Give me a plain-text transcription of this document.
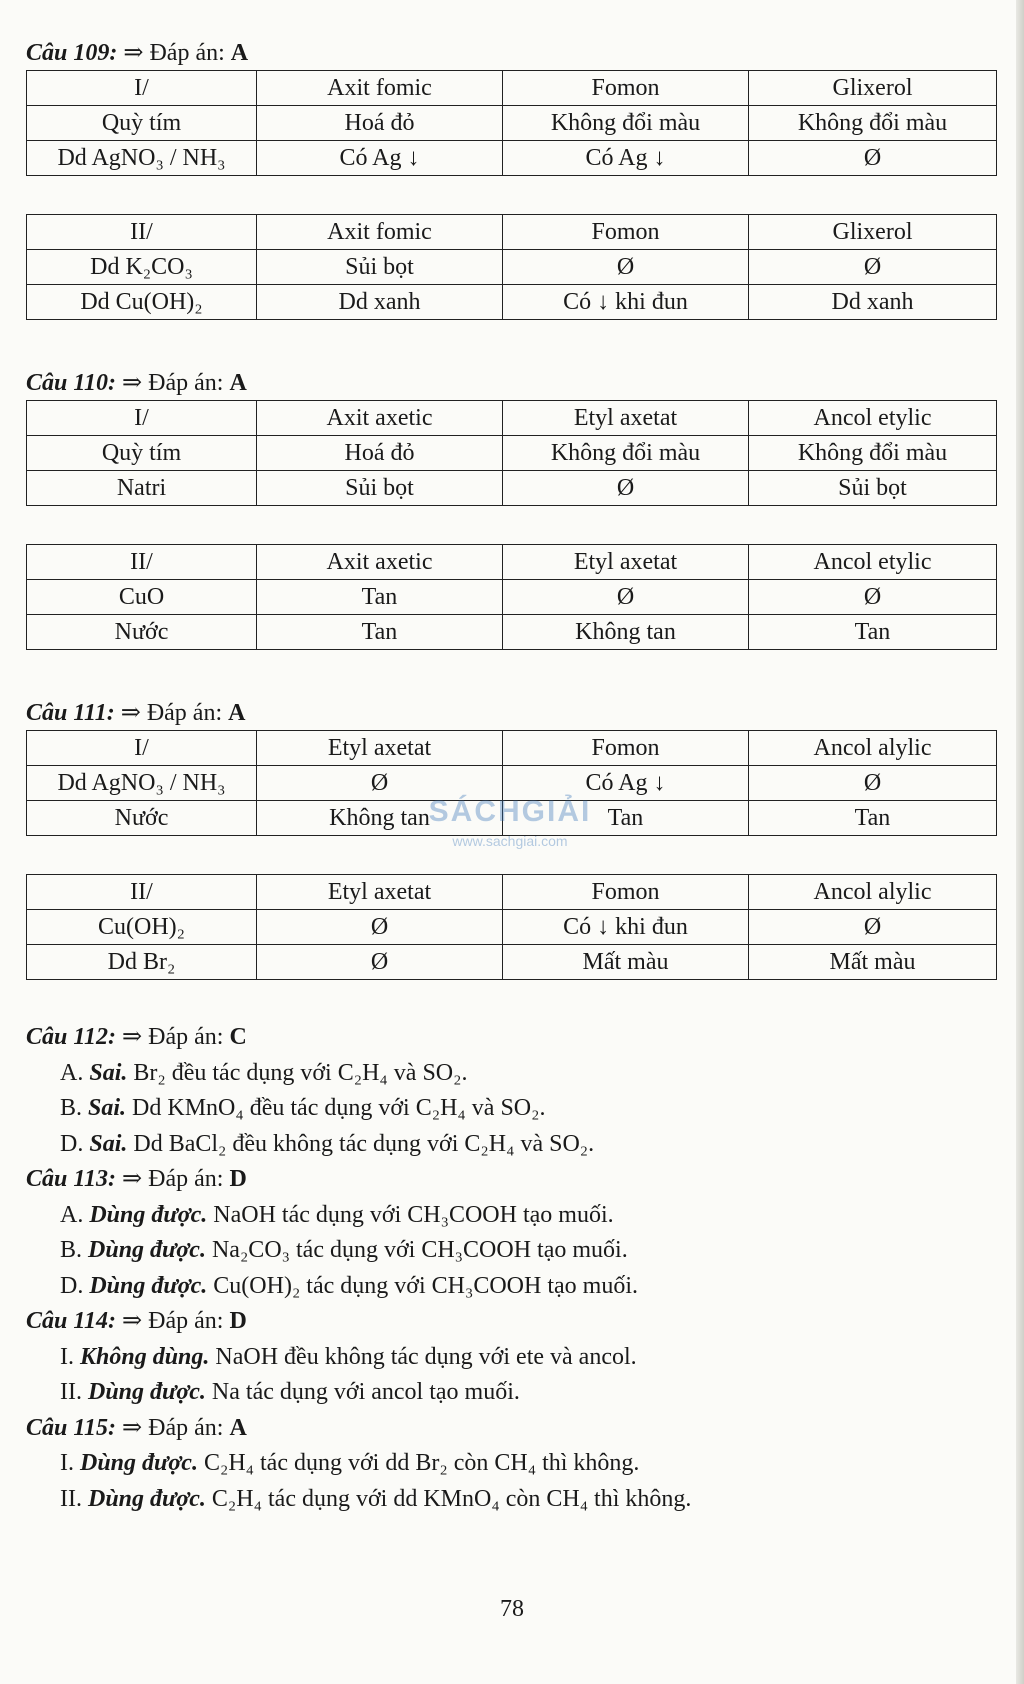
Câu 109: ⇒ Đáp án: A

I/	Axit fomic	Fomon	Glixerol
Quỳ tím	Hoá đỏ	Không đổi màu	Không đổi màu
Dd AgNO₃ / NH₃	Có Ag ↓	Có Ag ↓	Ø
II/	Axit fomic	Fomon	Glixerol
Dd K₂CO₃	Sủi bọt	Ø	Ø
Dd Cu(OH)₂	Dd xanh	Có ↓ khi đun	Dd xanh

Câu 110: ⇒ Đáp án: A

I/	Axit axetic	Etyl axetat	Ancol etylic
Quỳ tím	Hoá đỏ	Không đổi màu	Không đổi màu
Natri	Sủi bọt	Ø	Sủi bọt
II/	Axit axetic	Etyl axetat	Ancol etylic
CuO	Tan	Ø	Ø
Nước	Tan	Không tan	Tan

Câu 111: ⇒ Đáp án: A

I/	Etyl axetat	Fomon	Ancol alylic
Dd AgNO₃ / NH₃	Ø	Có Ag ↓	Ø
Nước	Không tan	Tan	Tan
II/	Etyl axetat	Fomon	Ancol alylic
Cu(OH)₂	Ø	Có ↓ khi đun	Ø
Dd Br₂	Ø	Mất màu	Mất màu

Câu 112: ⇒ Đáp án: C

A. Sai. Br₂ đều tác dụng với C₂H₄ và SO₂.

B. Sai. Dd KMnO₄ đều tác dụng với C₂H₄ và SO₂.

D. Sai. Dd BaCl₂ đều không tác dụng với C₂H₄ và SO₂.

Câu 113: ⇒ Đáp án: D

A. Dùng được. NaOH tác dụng với CH₃COOH tạo muối.

B. Dùng được. Na₂CO₃ tác dụng với CH₃COOH tạo muối.

D. Dùng được. Cu(OH)₂ tác dụng với CH₃COOH tạo muối.

Câu 114: ⇒ Đáp án: D

I. Không dùng. NaOH đều không tác dụng với ete và ancol.

II. Dùng được. Na tác dụng với ancol tạo muối.

Câu 115: ⇒ Đáp án: A

I. Dùng được. C₂H₄ tác dụng với dd Br₂ còn CH₄ thì không.

II. Dùng được. C₂H₄ tác dụng với dd KMnO₄ còn CH₄ thì không.

SÁCHGIẢI
www.sachgiai.com
78
